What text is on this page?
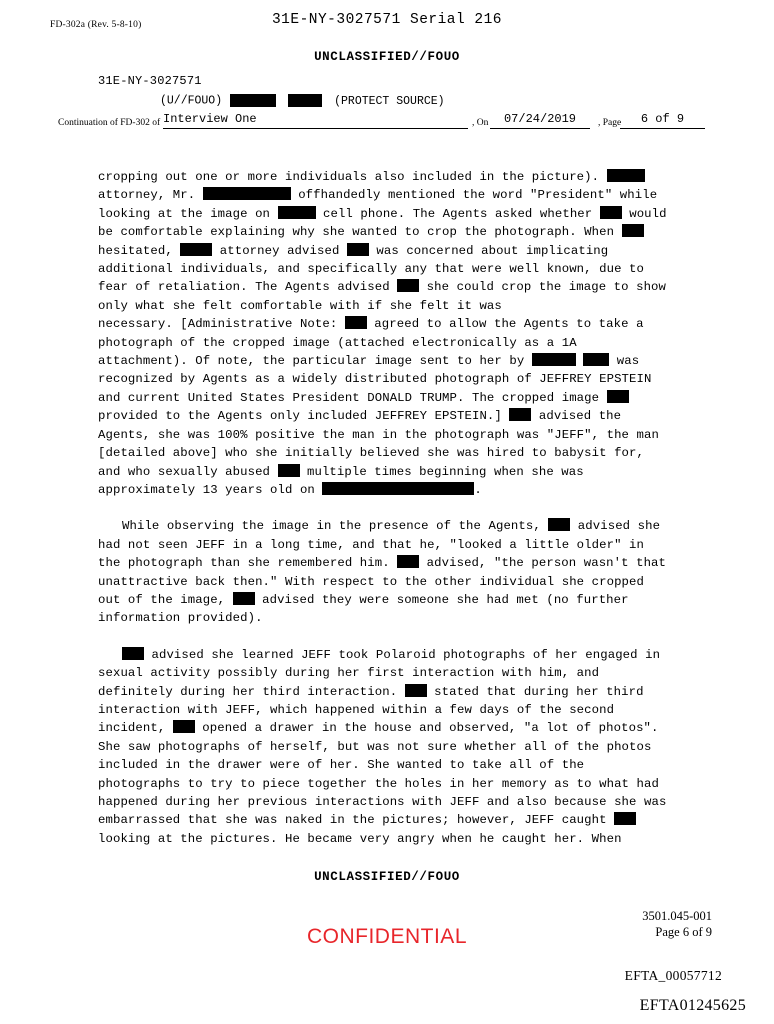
FD-302a (Rev. 5-8-10)	31E-NY-3027571 Serial 216
UNCLASSIFIED//FOUO
31E-NY-3027571
(U//FOUO)	(PROTECT SOURCE)
Continuation of FD-302 of Interview One	, On	07/24/2019	, Page	6 of 9

cropping out one or more individuals also included in the picture).
attorney, Mr.	offhandedly mentioned the word "President" while
looking at the image on	cell phone. The Agents asked whether  would
be comfortable explaining why she wanted to crop the photograph. When
hesitated,	attorney advised  was concerned about implicating
additional individuals, and specifically any that were well known, due to
fear of retaliation. The Agents advised  she could crop the image to show
only what she felt comfortable with if she felt it was
necessary. [Administrative Note:  agreed to allow the Agents to take a
photograph of the cropped image (attached electronically as a 1A
attachment). Of note, the particular image sent to her by	was
recognized by Agents as a widely distributed photograph of JEFFREY EPSTEIN
and current United States President DONALD TRUMP. The cropped image
provided to the Agents only included JEFFREY EPSTEIN.]  advised the
Agents, she was 100% positive the man in the photograph was "JEFF", the man
[detailed above] who she initially believed she was hired to babysit for,
and who sexually abused  multiple times beginning when she was
approximately 13 years old on	.

While observing the image in the presence of the Agents,  advised she
had not seen JEFF in a long time, and that he, "looked a little older" in
the photograph than she remembered him.  advised, "the person wasn't that
unattractive back then." With respect to the other individual she cropped
out of the image,  advised they were someone she had met (no further
information provided).

advised she learned JEFF took Polaroid photographs of her engaged in
sexual activity possibly during her first interaction with him, and
definitely during her third interaction.  stated that during her third
interaction with JEFF, which happened within a few days of the second
incident,  opened a drawer in the house and observed, "a lot of photos".
She saw photographs of herself, but was not sure whether all of the photos
included in the drawer were of her. She wanted to take all of the
photographs to try to piece together the holes in her memory as to what had
happened during her previous interactions with JEFF and also because she was
embarrassed that she was naked in the pictures; however, JEFF caught
looking at the pictures. He became very angry when he caught her. When

UNCLASSIFIED//FOUO
CONFIDENTIAL
3501.045-001
Page 6 of 9
EFTA_00057712
EFTA01245625
